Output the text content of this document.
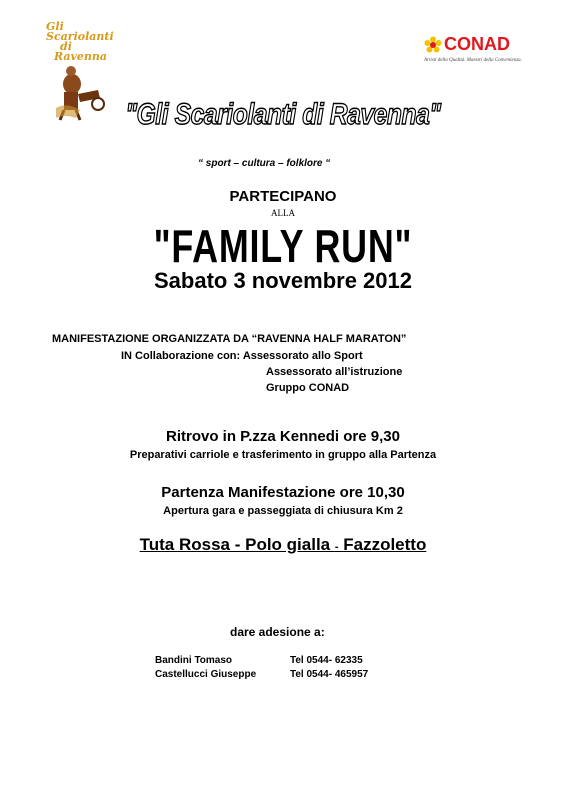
Gli Scariolanti
di
Ravenna
CONAD
Artisti della Qualità. Maestri della Convenienza.
"Gli Scariolanti di Ravenna"
“ sport – cultura – folklore “
PARTECIPANO
ALLA
"FAMILY RUN"
Sabato 3 novembre 2012
MANIFESTAZIONE ORGANIZZATA DA “RAVENNA HALF MARATON”
IN Collaborazione con: Assessorato allo Sport
Assessorato all’istruzione
Gruppo CONAD
Ritrovo in P.zza Kennedi ore 9,30
Preparativi carriole e trasferimento in gruppo alla Partenza
Partenza Manifestazione ore 10,30
Apertura gara e passeggiata di chiusura Km 2
Tuta Rossa - Polo gialla - Fazzoletto
dare adesione a:
Bandini Tomaso	Tel 0544- 62335
Castellucci Giuseppe	Tel 0544- 465957
